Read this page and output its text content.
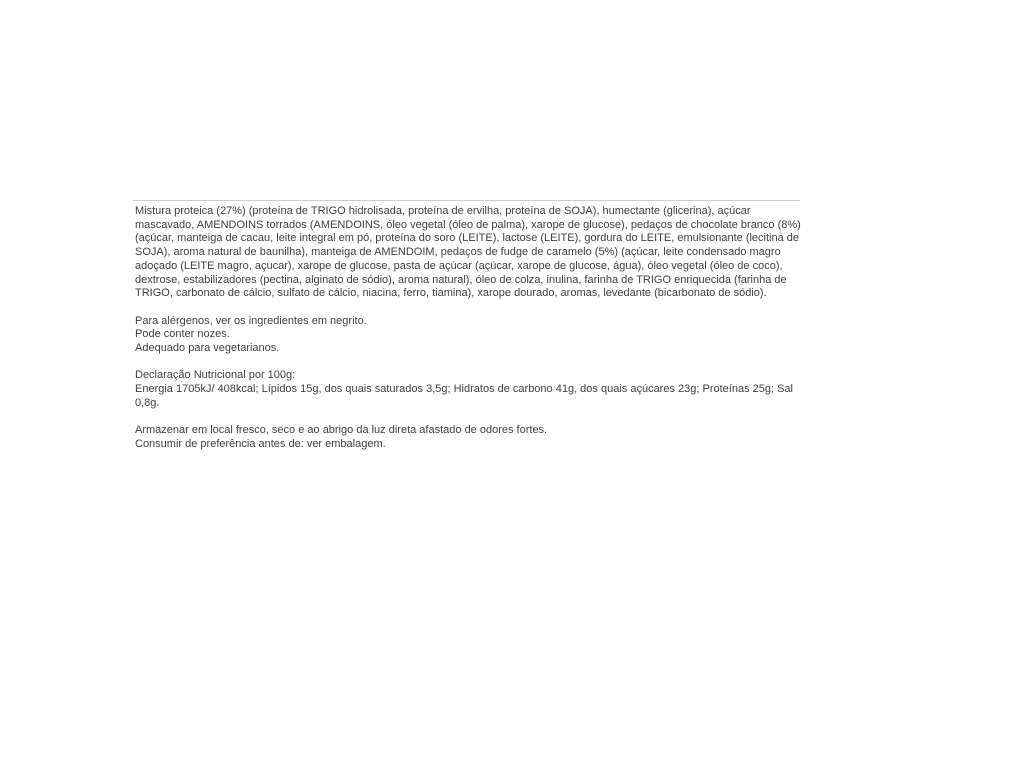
Mistura proteica (27%) (proteína de TRIGO hidrolisada, proteína de ervilha, proteína de SOJA), humectante (glicerina), açúcar
mascavado, AMENDOINS torrados (AMENDOINS, óleo vegetal (óleo de palma), xarope de glucose), pedaços de chocolate branco (8%)
(açúcar, manteiga de cacau, leite integral em pó, proteína do soro (LEITE), lactose (LEITE), gordura do LEITE, emulsionante (lecitina de
SOJA), aroma natural de baunilha), manteiga de AMENDOIM, pedaços de fudge de caramelo (5%) (açúcar, leite condensado magro
adoçado (LEITE magro, açucar), xarope de glucose, pasta de açúcar (açúcar, xarope de glucose, água), óleo vegetal (óleo de coco),
dextrose, estabilizadores (pectina, alginato de sódio), aroma natural), óleo de colza, inulina, farinha de TRIGO enriquecida (farinha de
TRIGO, carbonato de cálcio, sulfato de cálcio, niacina, ferro, tiamina), xarope dourado, aromas, levedante (bicarbonato de sódio).
Para alérgenos, ver os ingredientes em negrito.
Pode conter nozes.
Adequado para vegetarianos.
Declaração Nutricional por 100g:
Energia 1705kJ/ 408kcal; Lípidos 15g, dos quais saturados 3,5g; Hidratos de carbono 41g, dos quais açúcares 23g; Proteínas 25g; Sal
0,8g.
Armazenar em local fresco, seco e ao abrigo da luz direta afastado de odores fortes.
Consumir de preferência antes de: ver embalagem.
